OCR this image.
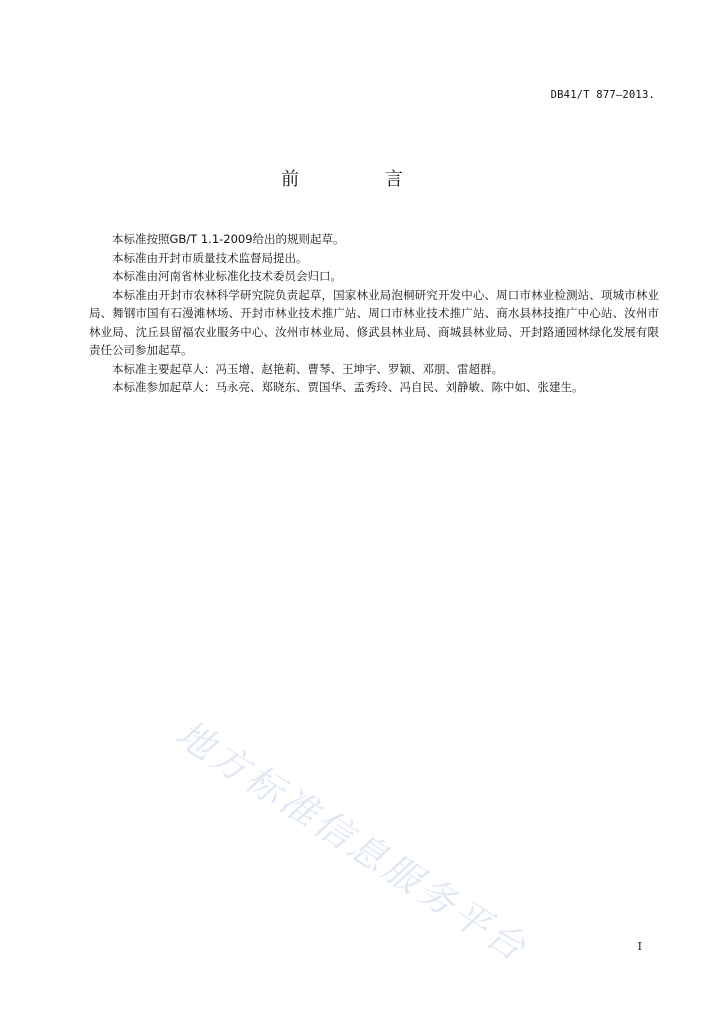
DB41/T 877—2013.
前 言

本标准按照GB/T 1.1-2009给出的规则起草。

本标准由开封市质量技术监督局提出。

本标准由河南省林业标准化技术委员会归口。

本标准由开封市农林科学研究院负责起草，国家林业局泡桐研究开发中心、周口市林业检测站、项城市林业局、舞钢市国有石漫滩林场、开封市林业技术推广站、周口市林业技术推广站、商水县林技推广中心站、汝州市林业局、沈丘县留福农业服务中心、汝州市林业局、修武县林业局、商城县林业局、开封路通园林绿化发展有限责任公司参加起草。

本标准主要起草人：冯玉增、赵艳莉、曹琴、王坤宇、罗颖、邓朋、雷超群。

本标准参加起草人：马永亮、郑晓东、贾国华、孟秀玲、冯自民、刘静敏、陈中如、张建生。

地方标准信息服务平台	I
